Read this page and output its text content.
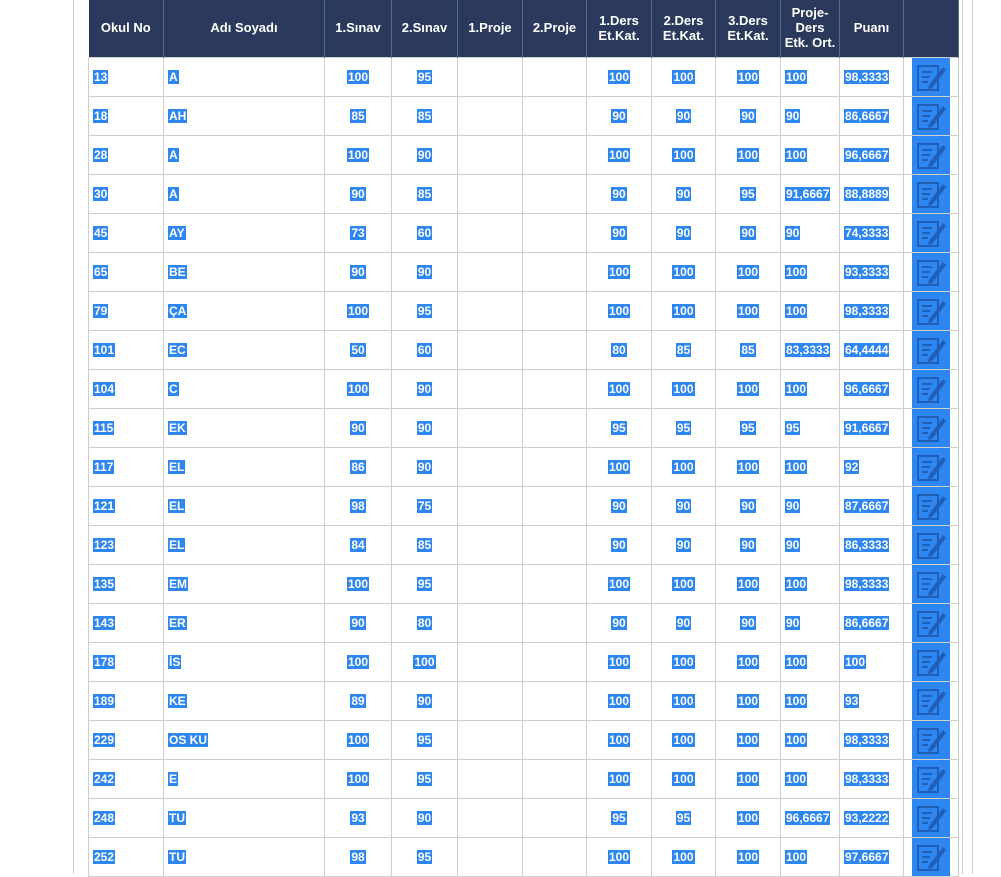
Okul No	Adı Soyadı	1.Sınav	2.Sınav	1.Proje	2.Proje	1.Ders Et.Kat.	2.Ders Et.Kat.	3.Ders Et.Kat.	Proje-Ders Etk. Ort.	Puanı	
13	A	100	95			100	100	100	100	98,3333	

18	AH	85	85			90	90	90	90	86,6667	

28	A	100	90			100	100	100	100	96,6667	

30	A	90	85			90	90	95	91,6667	88,8889	

45	AY	73	60			90	90	90	90	74,3333	

65	BE	90	90			100	100	100	100	93,3333	

79	ÇA	100	95			100	100	100	100	98,3333	

101	EC	50	60			80	85	85	83,3333	64,4444	

104	C	100	90			100	100	100	100	96,6667	

115	EK	90	90			95	95	95	95	91,6667	

117	EL	86	90			100	100	100	100	92	

121	EL	98	75			90	90	90	90	87,6667	

123	EL	84	85			90	90	90	90	86,3333	

135	EM	100	95			100	100	100	100	98,3333	

143	ER	90	80			90	90	90	90	86,6667	

178	İS	100	100			100	100	100	100	100	

189	KE	89	90			100	100	100	100	93	

229	OS KU	100	95			100	100	100	100	98,3333	

242	E	100	95			100	100	100	100	98,3333	

248	TU	93	90			95	95	100	96,6667	93,2222	

252	TU	98	95			100	100	100	100	97,6667	
